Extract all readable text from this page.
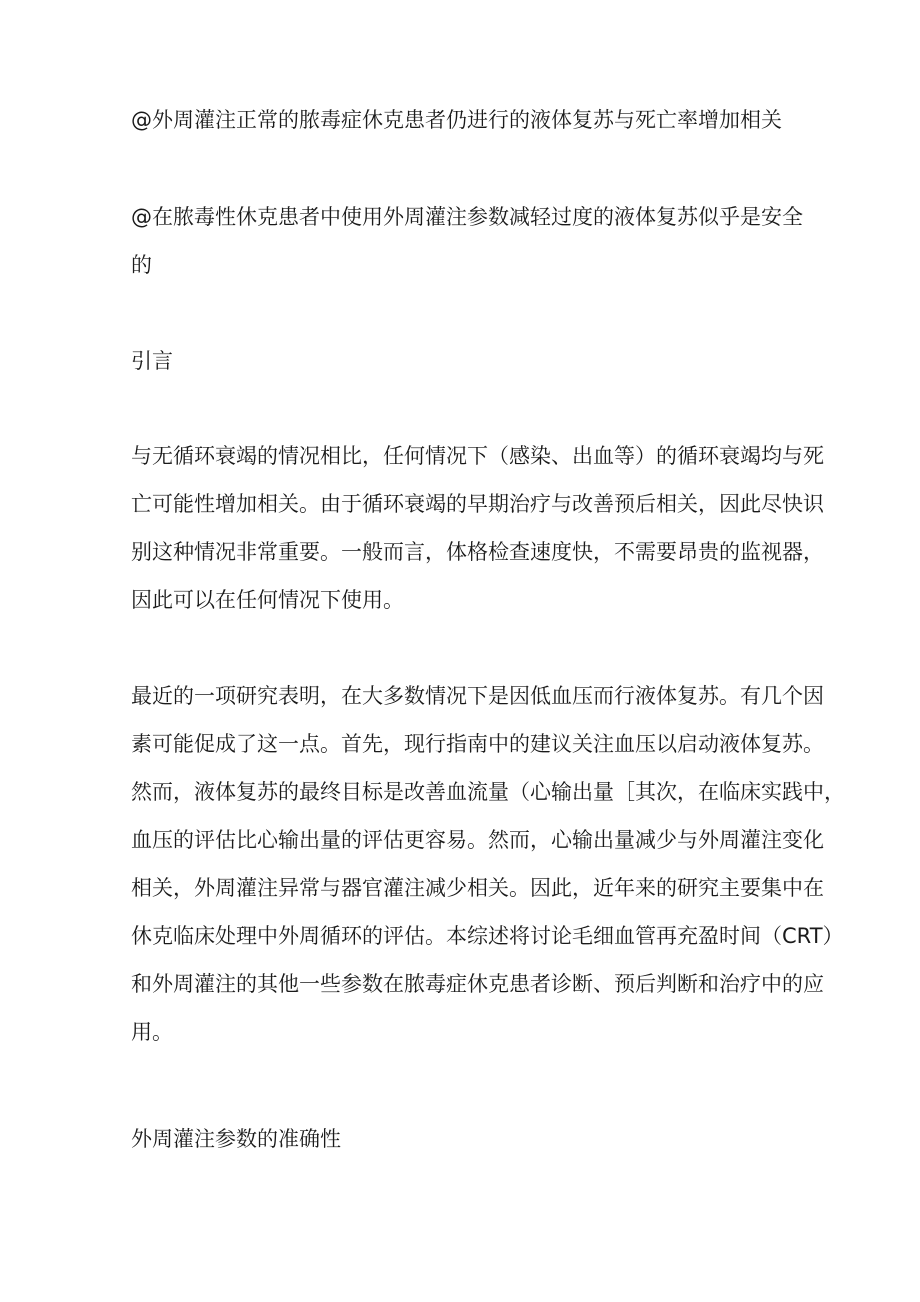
@外周灌注正常的脓毒症休克患者仍进行的液体复苏与死亡率增加相关
@在脓毒性休克患者中使用外周灌注参数减轻过度的液体复苏似乎是安全
的
引言
与无循环衰竭的情况相比，任何情况下（感染、出血等）的循环衰竭均与死
亡可能性增加相关。由于循环衰竭的早期治疗与改善预后相关，因此尽快识
别这种情况非常重要。一般而言，体格检查速度快，不需要昂贵的监视器，
因此可以在任何情况下使用。
最近的一项研究表明，在大多数情况下是因低血压而行液体复苏。有几个因
素可能促成了这一点。首先，现行指南中的建议关注血压以启动液体复苏。
然而，液体复苏的最终目标是改善血流量（心输出量［其次，在临床实践中，
血压的评估比心输出量的评估更容易。然而，心输出量减少与外周灌注变化
相关，外周灌注异常与器官灌注减少相关。因此，近年来的研究主要集中在
休克临床处理中外周循环的评估。本综述将讨论毛细血管再充盈时间（CRT）
和外周灌注的其他一些参数在脓毒症休克患者诊断、预后判断和治疗中的应
用。
外周灌注参数的准确性
